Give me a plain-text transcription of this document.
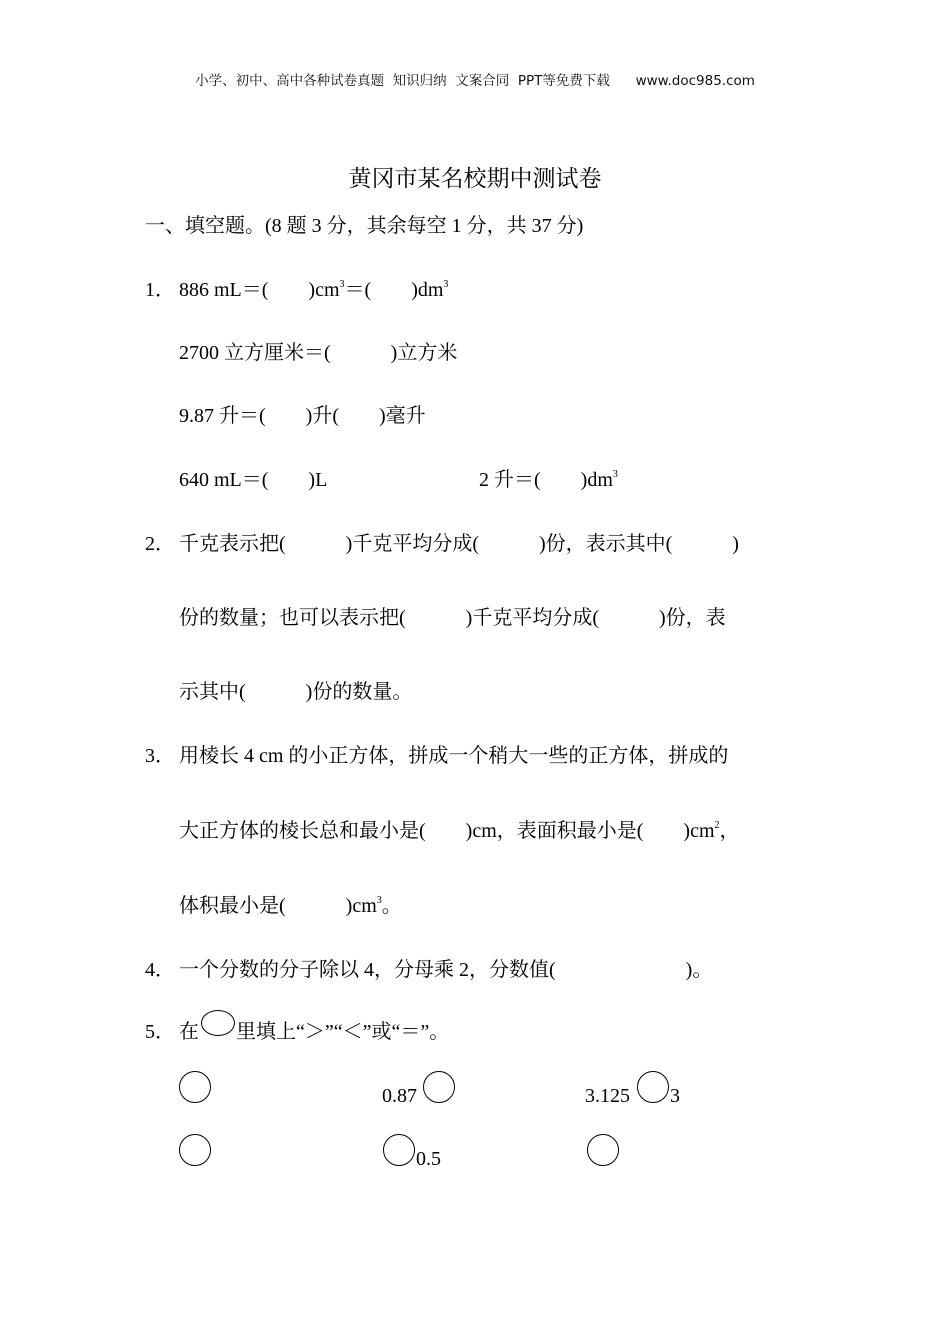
小学、初中、高中各种试卷真题  知识归纳  文案合同  PPT等免费下载      www.doc985.com
黄冈市某名校期中测试卷
一、填空题。(8 题 3 分，其余每空 1 分，共 37 分)
1． 886 mL＝(        )$cm^3=$(        )$dm^3$
2700 立方厘米＝(            )立方米
9.87 升＝(        )升(        )毫升
640 mL＝(        )L	2 升＝(        )$dm^3$
2． 千克表示把(            )千克平均分成(            )份，表示其中(            )
份的数量；也可以表示把(            )千克平均分成(            )份，表
示其中(            )份的数量。
3． 用棱长 4 cm 的小正方体，拼成一个稍大一些的正方体，拼成的
大正方体的棱长总和最小是(        )cm，表面积最小是(        )$cm^2$，
体积最小是(            )$cm^3$。
4． 一个分数的分子除以 4，分母乘 2，分数值(                          )。
5． 在 里填上“＞”“＜”或“＝”。
0.87	3.125 3
0.5
